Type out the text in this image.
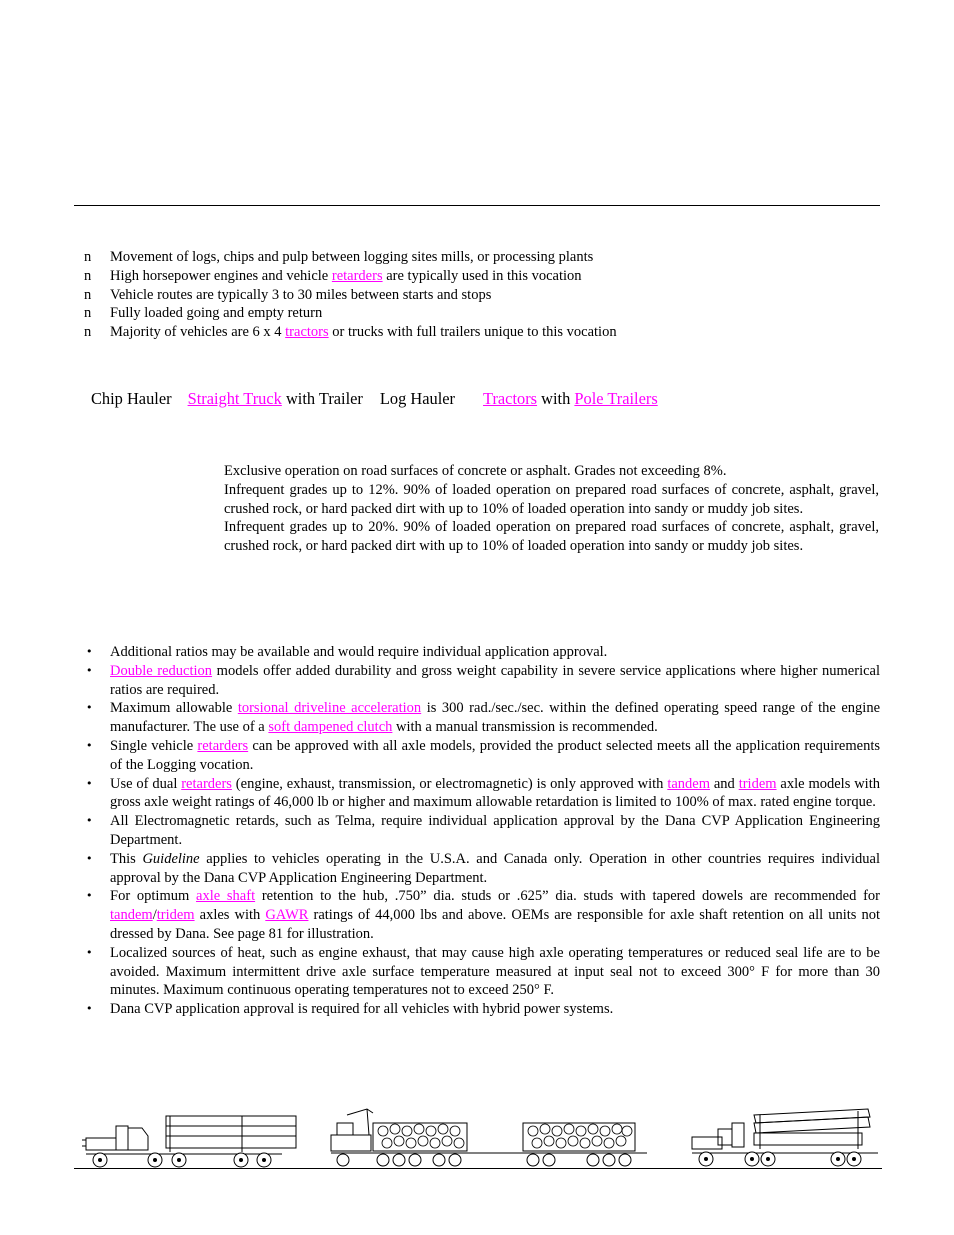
n Movement of logs, chips and pulp between logging sites mills, or processing plants
n High horsepower engines and vehicle retarders are typically used in this vocation
n Vehicle routes are typically 3 to 30 miles between starts and stops
n Fully loaded going and empty return
n Majority of vehicles are 6 x 4 tractors or trucks with full trailers unique to this vocation
Chip Hauler Straight Truck with Trailer Log Hauler Tractors with Pole Trailers

Exclusive operation on road surfaces of concrete or asphalt. Grades not exceeding 8%.

Infrequent grades up to 12%. 90% of loaded operation on prepared road surfaces of concrete, asphalt, gravel, crushed rock, or hard packed dirt with up to 10% of loaded operation into sandy or muddy job sites.

Infrequent grades up to 20%. 90% of loaded operation on prepared road surfaces of concrete, asphalt, gravel, crushed rock, or hard packed dirt with up to 10% of loaded operation into sandy or muddy job sites.

• Additional ratios may be available and would require individual application approval.
• Double reduction models offer added durability and gross weight capability in severe service applications where higher numerical ratios are required.
• Maximum allowable torsional driveline acceleration is 300 rad./sec./sec. within the defined operating speed range of the engine manufacturer. The use of a soft dampened clutch with a manual transmission is recommended.
• Single vehicle retarders can be approved with all axle models, provided the product selected meets all the application requirements of the Logging vocation.
• Use of dual retarders (engine, exhaust, transmission, or electromagnetic) is only approved with tandem and tridem axle models with gross axle weight ratings of 46,000 lb or higher and maximum allowable retardation is limited to 100% of max. rated engine torque.
• All Electromagnetic retards, such as Telma, require individual application approval by the Dana CVP Application Engineering Department.
• This Guideline applies to vehicles operating in the U.S.A. and Canada only. Operation in other countries requires individual approval by the Dana CVP Application Engineering Department.
• For optimum axle shaft retention to the hub, .750” dia. studs or .625” dia. studs with tapered dowels are recommended for tandem/tridem axles with GAWR ratings of 44,000 lbs and above. OEMs are responsible for axle shaft retention on all units not dressed by Dana. See page 81 for illustration.
• Localized sources of heat, such as engine exhaust, that may cause high axle operating temperatures or reduced seal life are to be avoided. Maximum intermittent drive axle surface temperature measured at input seal not to exceed 300° F for more than 30 minutes. Maximum continuous operating temperatures not to exceed 250° F.
• Dana CVP application approval is required for all vehicles with hybrid power systems.
